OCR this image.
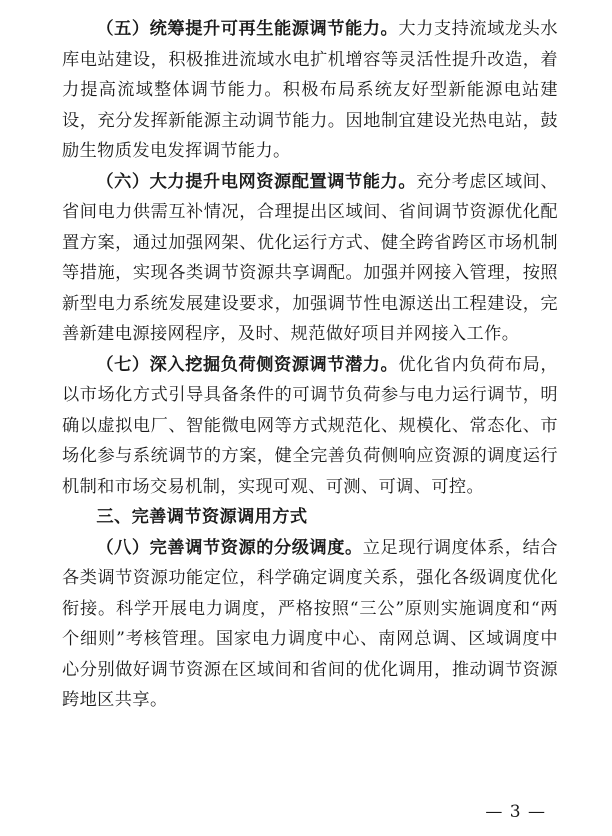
（五）统筹提升可再生能源调节能力。大力支持流域龙头水库电站建设，积极推进流域水电扩机增容等灵活性提升改造，着力提高流域整体调节能力。积极布局系统友好型新能源电站建设，充分发挥新能源主动调节能力。因地制宜建设光热电站，鼓励生物质发电发挥调节能力。

（六）大力提升电网资源配置调节能力。充分考虑区域间、省间电力供需互补情况，合理提出区域间、省间调节资源优化配置方案，通过加强网架、优化运行方式、健全跨省跨区市场机制等措施，实现各类调节资源共享调配。加强并网接入管理，按照新型电力系统发展建设要求，加强调节性电源送出工程建设，完善新建电源接网程序，及时、规范做好项目并网接入工作。

（七）深入挖掘负荷侧资源调节潜力。优化省内负荷布局，以市场化方式引导具备条件的可调节负荷参与电力运行调节，明确以虚拟电厂、智能微电网等方式规范化、规模化、常态化、市场化参与系统调节的方案，健全完善负荷侧响应资源的调度运行机制和市场交易机制，实现可观、可测、可调、可控。

三、完善调节资源调用方式

（八）完善调节资源的分级调度。立足现行调度体系，结合各类调节资源功能定位，科学确定调度关系，强化各级调度优化衔接。科学开展电力调度，严格按照“三公”原则实施调度和“两个细则”考核管理。国家电力调度中心、南网总调、区域调度中心分别做好调节资源在区域间和省间的优化调用，推动调节资源跨地区共享。

— 3 —
